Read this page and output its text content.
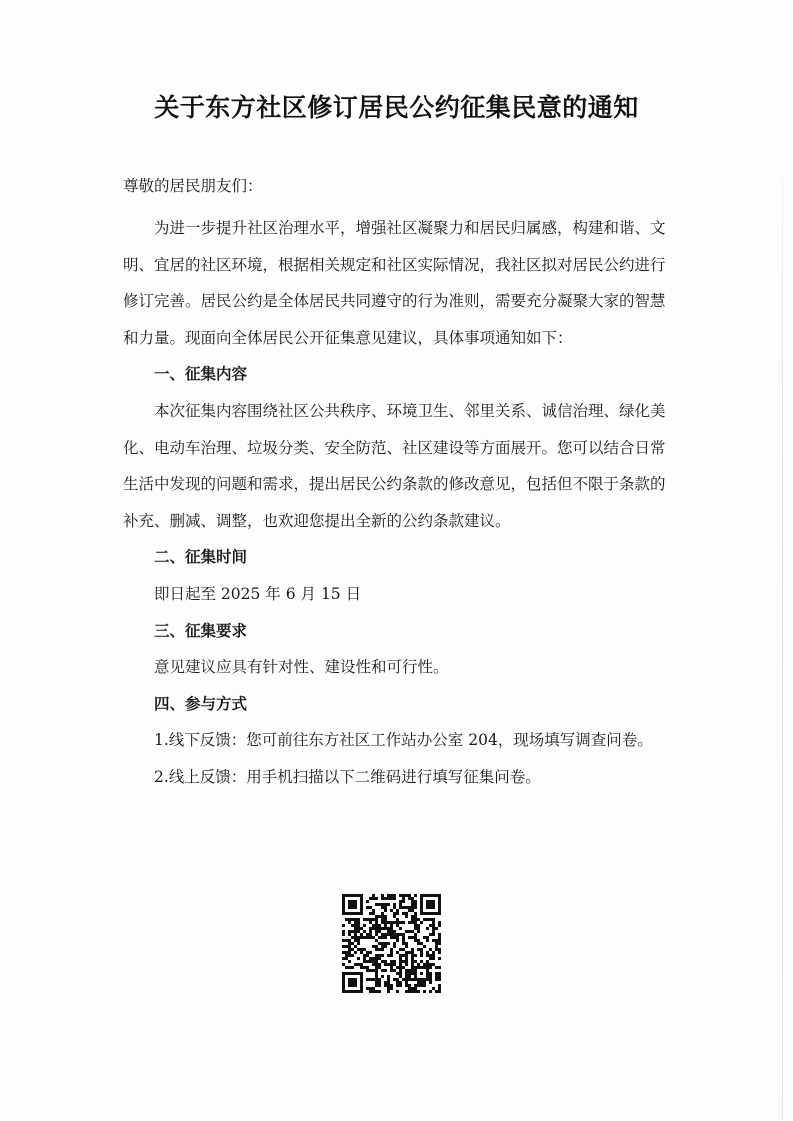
关于东方社区修订居民公约征集民意的通知
尊敬的居民朋友们：
为进一步提升社区治理水平，增强社区凝聚力和居民归属感，构建和谐、文
明、宜居的社区环境，根据相关规定和社区实际情况，我社区拟对居民公约进行
修订完善。居民公约是全体居民共同遵守的行为准则，需要充分凝聚大家的智慧
和力量。现面向全体居民公开征集意见建议，具体事项通知如下：
一、征集内容
本次征集内容围绕社区公共秩序、环境卫生、邻里关系、诚信治理、绿化美
化、电动车治理、垃圾分类、安全防范、社区建设等方面展开。您可以结合日常
生活中发现的问题和需求，提出居民公约条款的修改意见，包括但不限于条款的
补充、删减、调整，也欢迎您提出全新的公约条款建议。
二、征集时间
即日起至 2025 年 6 月 15 日
三、征集要求
意见建议应具有针对性、建设性和可行性。
四、参与方式
1.线下反馈：您可前往东方社区工作站办公室 204，现场填写调查问卷。
2.线上反馈：用手机扫描以下二维码进行填写征集问卷。
